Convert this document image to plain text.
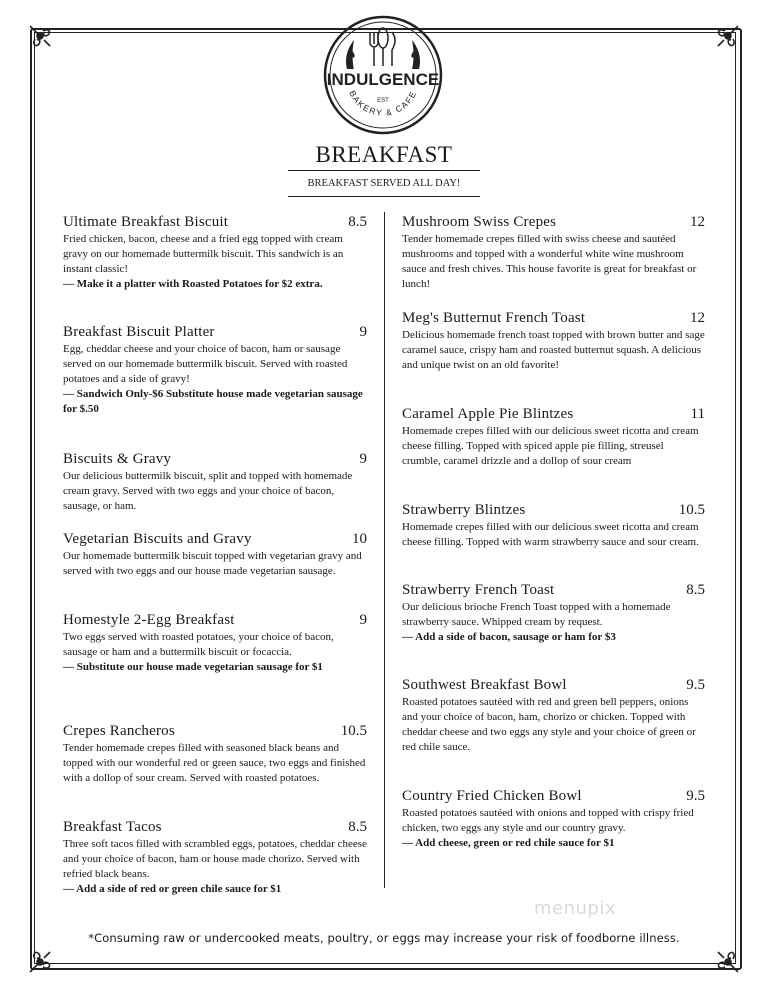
INDULGENCE
EST
BAKERY & CAFE
BREAKFAST
BREAKFAST SERVED ALL DAY!
Ultimate Breakfast Biscuit	8.5
Fried chicken, bacon, cheese and a fried egg topped with cream gravy on our homemade buttermilk biscuit. This sandwich is an instant classic!
— Make it a platter with Roasted Potatoes for $2 extra.
Breakfast Biscuit Platter	9
Egg, cheddar cheese and your choice of bacon, ham or sausage served on our homemade buttermilk biscuit. Served with roasted potatoes and a side of gravy!
— Sandwich Only-$6 Substitute house made vegetarian sausage for $.50
Biscuits & Gravy	9
Our delicious buttermilk biscuit, split and topped with homemade cream gravy. Served with two eggs and your choice of bacon, sausage, or ham.
Vegetarian Biscuits and Gravy	10
Our homemade buttermilk biscuit topped with vegetarian gravy and served with two eggs and our house made vegetarian sausage.
Homestyle 2-Egg Breakfast	9
Two eggs served with roasted potatoes, your choice of bacon, sausage or ham and a buttermilk biscuit or focaccia.
— Substitute our house made vegetarian sausage for $1
Crepes Rancheros	10.5
Tender homemade crepes filled with seasoned black beans and topped with our wonderful red or green sauce, two eggs and finished with a dollop of sour cream. Served with roasted potatoes.
Breakfast Tacos	8.5
Three soft tacos filled with scrambled eggs, potatoes, cheddar cheese and your choice of bacon, ham or house made chorizo. Served with refried black beans.
— Add a side of red or green chile sauce for $1
Mushroom Swiss Crepes	12
Tender homemade crepes filled with swiss cheese and sautéed mushrooms and topped with a wonderful white wine mushroom sauce and fresh chives. This house favorite is great for breakfast or lunch!
Meg's Butternut French Toast	12
Delicious homemade french toast topped with brown butter and sage caramel sauce, crispy ham and roasted butternut squash. A delicious and unique twist on an old favorite!
Caramel Apple Pie Blintzes	11
Homemade crepes filled with our delicious sweet ricotta and cream cheese filling. Topped with spiced apple pie filling, streusel crumble, caramel drizzle and a dollop of sour cream
Strawberry Blintzes	10.5
Homemade crepes filled with our delicious sweet ricotta and cream cheese filling. Topped with warm strawberry sauce and sour cream.
Strawberry French Toast	8.5
Our delicious brioche French Toast topped with a homemade strawberry sauce. Whipped cream by request.
— Add a side of bacon, sausage or ham for $3
Southwest Breakfast Bowl	9.5
Roasted potatoes sautéed with red and green bell peppers, onions and your choice of bacon, ham, chorizo or chicken. Topped with cheddar cheese and two eggs any style and your choice of green or red chile sauce.
Country Fried Chicken Bowl	9.5
Roasted potatoes sautéed with onions and topped with crispy fried chicken, two eggs any style and our country gravy.
— Add cheese, green or red chile sauce for $1
menupix
*Consuming raw or undercooked meats, poultry, or eggs may increase your risk of foodborne illness.
